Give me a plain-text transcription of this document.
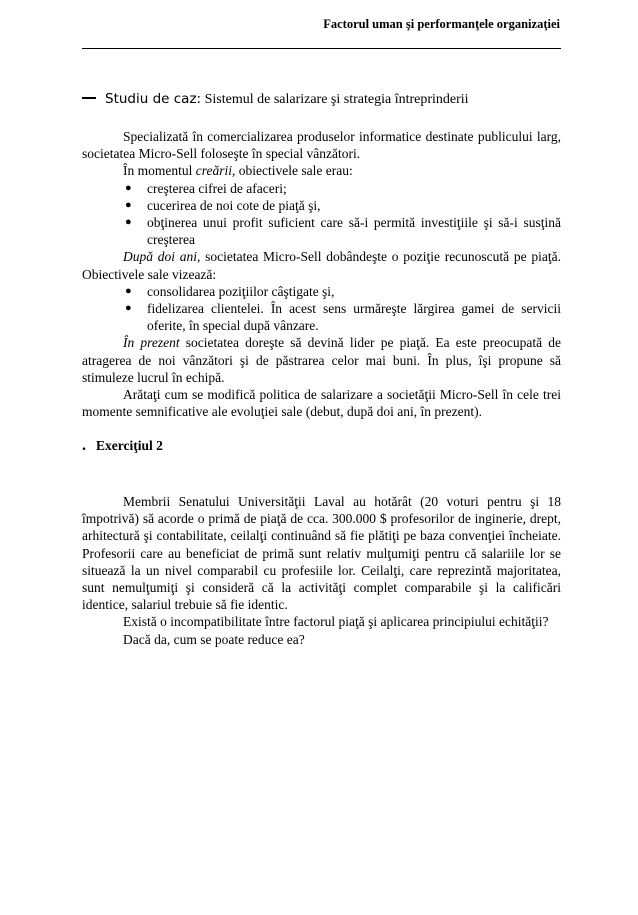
Factorul uman şi performanţele organizaţiei
Studiu de caz: Sistemul de salarizare şi strategia întreprinderii

Specializată în comercializarea produselor informatice destinate publicului larg, societatea Micro-Sell foloseşte în special vânzători.

În momentul creării, obiectivele sale erau:

●	creşterea cifrei de afaceri;
●	cucerirea de noi cote de piaţă şi,
●	obţinerea unui profit suficient care să-i permită investiţiile şi să-i susţină creşterea

După doi ani, societatea Micro-Sell dobândeşte o poziţie recunoscută pe piaţă. Obiectivele sale vizează:

●	consolidarea poziţiilor câştigate şi,
●	fidelizarea clientelei. În acest sens urmăreşte lărgirea gamei de servicii oferite, în special după vânzare.

În prezent societatea doreşte să devină lider pe piaţă. Ea este preocupată de atragerea de noi vânzători şi de păstrarea celor mai buni. În plus, îşi propune să stimuleze lucrul în echipă.

Arătaţi cum se modifică politica de salarizare a societăţii Micro-Sell în cele trei momente semnificative ale evoluţiei sale (debut, după doi ani, în prezent).

. Exerciţiul 2

Membrii Senatului Universităţii Laval au hotărât (20 voturi pentru şi 18 împotrivă) să acorde o primă de piaţă de cca. 300.000 $ profesorilor de inginerie, drept, arhitectură şi contabilitate, ceilalţi continuând să fie plătiţi pe baza convenţiei încheiate. Profesorii care au beneficiat de primă sunt relativ mulţumiţi pentru că salariile lor se situează la un nivel comparabil cu profesiile lor. Ceilalţi, care reprezintă majoritatea, sunt nemulţumiţi şi consideră că la activităţi complet comparabile şi la calificări identice, salariul trebuie să fie identic.

Există o incompatibilitate între factorul piaţă şi aplicarea principiului echităţii?

Dacă da, cum se poate reduce ea?
